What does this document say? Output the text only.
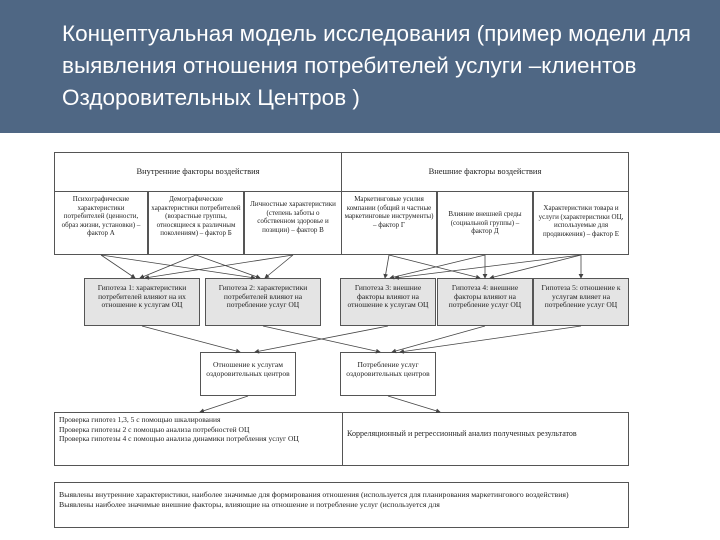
Концептуальная модель исследования (пример модели для выявления отношения потребителей услуги –клиентов Оздоровительных Центров )
Внутренние факторы воздействия	Внешние факторы воздействия
Психографические характеристики потребителей (ценности, образ жизни, установки) – фактор А
Демографические характеристики потребителей (возрастные группы, относящиеся к различным поколениям) – фактор Б
Личностные характеристики (степень заботы о собственном здоровье и позиции) – фактор В
Маркетинговые усилия компании (общий и частные маркетинговые инструменты) – фактор Г
Влияние внешней среды (социальной группы) – фактор Д
Характеристики товара и услуги (характеристики ОЦ, используемые для продвижения) – фактор Е
Гипотеза 1: характеристики потребителей влияют на их отношение к услугам ОЦ
Гипотеза 2: характеристики потребителей влияют на потребление услуг ОЦ
Гипотеза 3: внешние факторы влияют на отношение к услугам ОЦ
Гипотеза 4: внешние факторы влияют на потребление услуг ОЦ
Гипотеза 5: отношение к услугам влияет на потребление услуг ОЦ
Отношение к услугам оздоровительных центров
Потребление услуг оздоровительных центров

Проверка гипотез 1,3, 5 с помощью шкалирования

Проверка гипотезы 2 с помощью анализа потребностей ОЦ

Проверка гипотезы 4 с помощью анализа динамики потребления услуг ОЦ

Корреляционный и регрессионный анализ полученных результатов

Выявлены внутренние характеристики, наиболее значимые для формирования отношения (используется для планирования маркетингового воздействия)

Выявлены наиболее значимые внешние факторы, влияющие на отношение и потребление услуг (используется для
